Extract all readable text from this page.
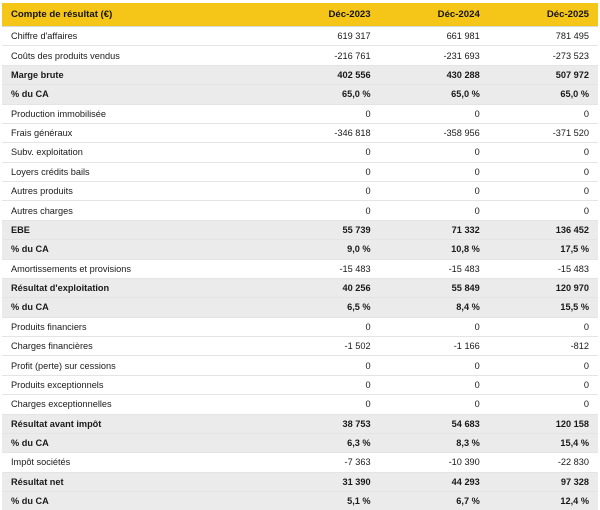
Compte de résultat (€)	Déc-2023	Déc-2024	Déc-2025
Chiffre d'affaires	619 317	661 981	781 495
Coûts des produits vendus	-216 761	-231 693	-273 523
Marge brute	402 556	430 288	507 972
% du CA	65,0 %	65,0 %	65,0 %
Production immobilisée	0	0	0
Frais généraux	-346 818	-358 956	-371 520
Subv. exploitation	0	0	0
Loyers crédits bails	0	0	0
Autres produits	0	0	0
Autres charges	0	0	0
EBE	55 739	71 332	136 452
% du CA	9,0 %	10,8 %	17,5 %
Amortissements et provisions	-15 483	-15 483	-15 483
Résultat d'exploitation	40 256	55 849	120 970
% du CA	6,5 %	8,4 %	15,5 %
Produits financiers	0	0	0
Charges financières	-1 502	-1 166	-812
Profit (perte) sur cessions	0	0	0
Produits exceptionnels	0	0	0
Charges exceptionnelles	0	0	0
Résultat avant impôt	38 753	54 683	120 158
% du CA	6,3 %	8,3 %	15,4 %
Impôt sociétés	-7 363	-10 390	-22 830
Résultat net	31 390	44 293	97 328
% du CA	5,1 %	6,7 %	12,4 %
